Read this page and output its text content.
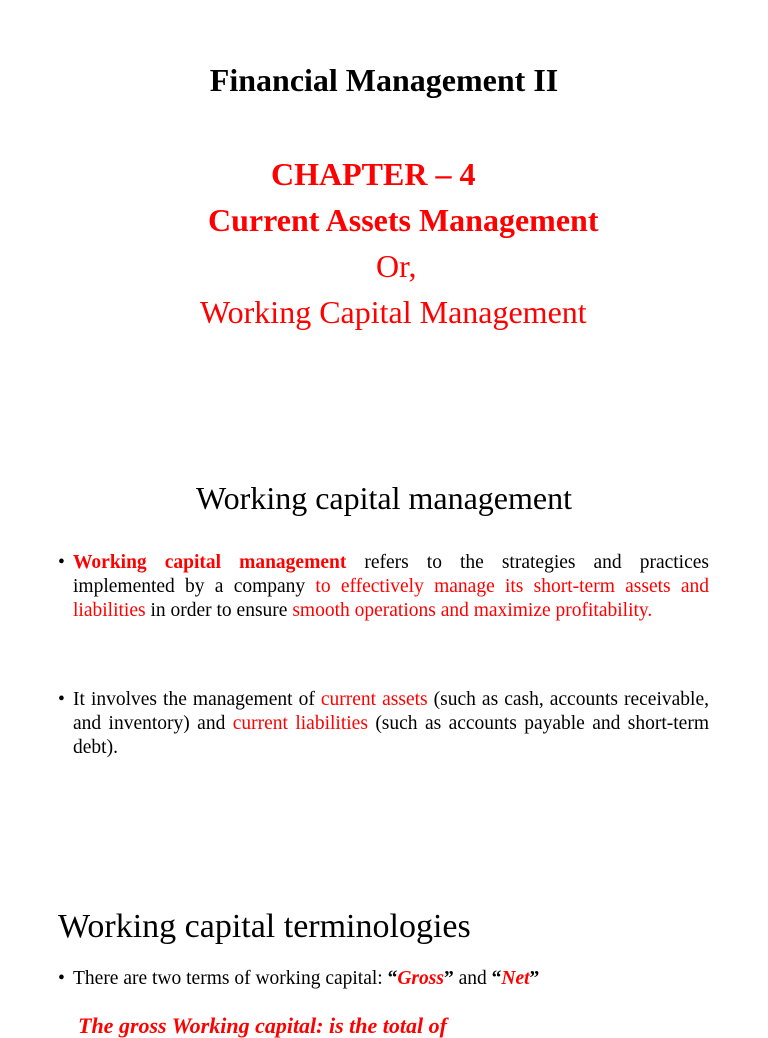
Financial Management II
CHAPTER – 4
Current Assets Management
Or,
Working Capital Management
Working capital management
• Working capital management refers to the strategies and practices implemented by a company to effectively manage its short-term assets and liabilities in order to ensure smooth operations and maximize profitability.
• It involves the management of current assets (such as cash, accounts receivable, and inventory) and current liabilities (such as accounts payable and short-term debt).
Working capital terminologies
• There are two terms of working capital: “Gross” and “Net”
The gross Working capital: is the total of
